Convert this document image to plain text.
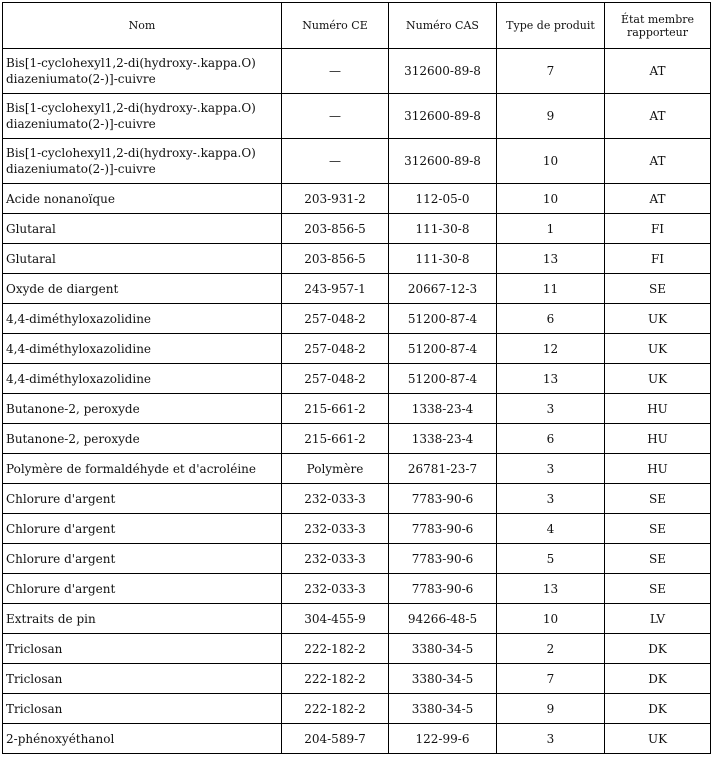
Nom	Numéro CE	Numéro CAS	Type de produit	État membre rapporteur
Bis[1-cyclohexyl1,2-di(hydroxy-.kappa.O) diazeniumato(2-)]-cuivre	—	312600-89-8	7	AT
Bis[1-cyclohexyl1,2-di(hydroxy-.kappa.O) diazeniumato(2-)]-cuivre	—	312600-89-8	9	AT
Bis[1-cyclohexyl1,2-di(hydroxy-.kappa.O) diazeniumato(2-)]-cuivre	—	312600-89-8	10	AT
Acide nonanoïque	203-931-2	112-05-0	10	AT
Glutaral	203-856-5	111-30-8	1	FI
Glutaral	203-856-5	111-30-8	13	FI
Oxyde de diargent	243-957-1	20667-12-3	11	SE
4,4-diméthyloxazolidine	257-048-2	51200-87-4	6	UK
4,4-diméthyloxazolidine	257-048-2	51200-87-4	12	UK
4,4-diméthyloxazolidine	257-048-2	51200-87-4	13	UK
Butanone-2, peroxyde	215-661-2	1338-23-4	3	HU
Butanone-2, peroxyde	215-661-2	1338-23-4	6	HU
Polymère de formaldéhyde et d'acroléine	Polymère	26781-23-7	3	HU
Chlorure d'argent	232-033-3	7783-90-6	3	SE
Chlorure d'argent	232-033-3	7783-90-6	4	SE
Chlorure d'argent	232-033-3	7783-90-6	5	SE
Chlorure d'argent	232-033-3	7783-90-6	13	SE
Extraits de pin	304-455-9	94266-48-5	10	LV
Triclosan	222-182-2	3380-34-5	2	DK
Triclosan	222-182-2	3380-34-5	7	DK
Triclosan	222-182-2	3380-34-5	9	DK
2-phénoxyéthanol	204-589-7	122-99-6	3	UK
